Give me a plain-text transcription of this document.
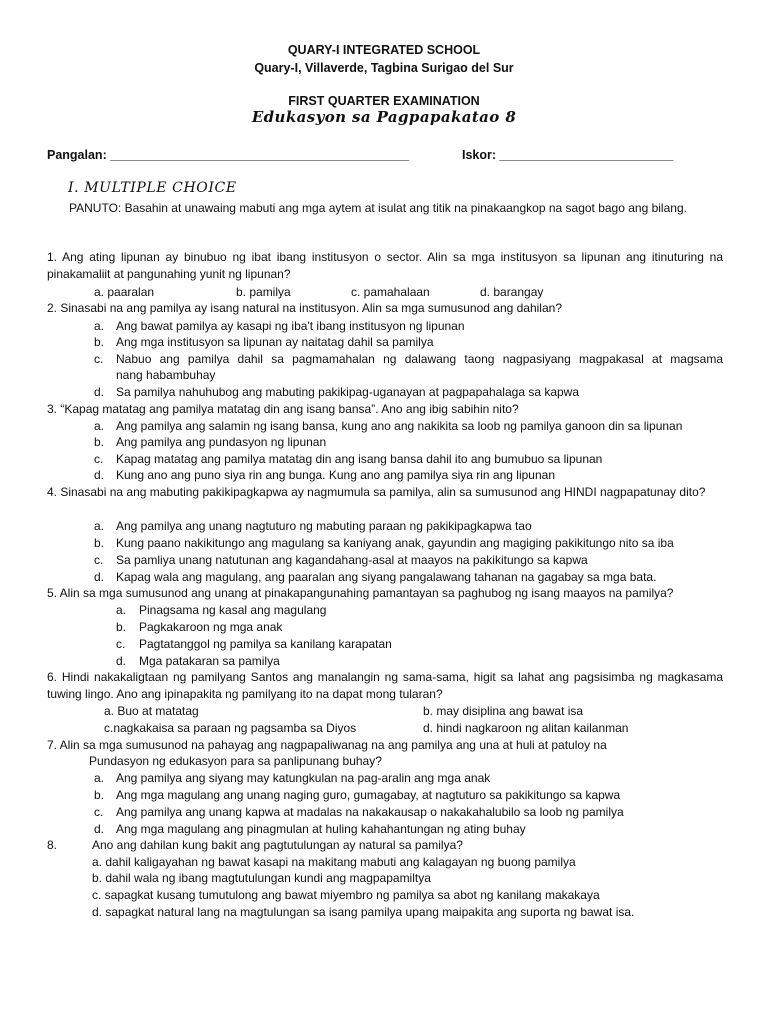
QUARY-I INTEGRATED SCHOOL
Quary-I, Villaverde, Tagbina Surigao del Sur
FIRST QUARTER EXAMINATION
Edukasyon sa Pagpapakatao 8
Pangalan: ___________________________________________	Iskor: _________________________
I. MULTIPLE CHOICE
PANUTO: Basahin at unawaing mabuti ang mga aytem at isulat ang titik na pinakaangkop na sagot bago ang bilang.
1. Ang ating lipunan ay binubuo ng ibat ibang institusyon o sector. Alin sa mga institusyon sa lipunan ang itinuturing na pinakamaliit at pangunahing yunit ng lipunan?
a. paaralan	b. pamilya	c. pamahalaan	d. barangay
2. Sinasabi na ang pamilya ay isang natural na institusyon. Alin sa mga sumusunod ang dahilan?
a. Ang bawat pamilya ay kasapi ng iba't ibang institusyon ng lipunan
b. Ang mga institusyon sa lipunan ay naitatag dahil sa pamilya
c. Nabuo ang pamilya dahil sa pagmamahalan ng dalawang taong nagpasiyang magpakasal at magsama
nang habambuhay
d. Sa pamilya nahuhubog ang mabuting pakikipag-uganayan at pagpapahalaga sa kapwa
3. “Kapag matatag ang pamilya matatag din ang isang bansa”. Ano ang ibig sabihin nito?
a. Ang pamilya ang salamin ng isang bansa, kung ano ang nakikita sa loob ng pamilya ganoon din sa lipunan
b. Ang pamilya ang pundasyon ng lipunan
c. Kapag matatag ang pamilya matatag din ang isang bansa dahil ito ang bumubuo sa lipunan
d. Kung ano ang puno siya rin ang bunga. Kung ano ang pamilya siya rin ang lipunan
4. Sinasabi na ang mabuting pakikipagkapwa ay nagmumula sa pamilya, alin sa sumusunod ang HINDI nagpapatunay dito?
a. Ang pamilya ang unang nagtuturo ng mabuting paraan ng pakikipagkapwa tao
b. Kung paano nakikitungo ang magulang sa kaniyang anak, gayundin ang magiging pakikitungo nito sa iba
c. Sa pamliya unang natutunan ang kagandahang-asal at maayos na pakikitungo sa kapwa
d. Kapag wala ang magulang, ang paaralan ang siyang pangalawang tahanan na gagabay sa mga bata.
5. Alin sa mga sumusunod ang unang at pinakapangunahing pamantayan sa paghubog ng isang maayos na pamilya?
a. Pinagsama ng kasal ang magulang
b. Pagkakaroon ng mga anak
c. Pagtatanggol ng pamilya sa kanilang karapatan
d. Mga patakaran sa pamilya
6. Hindi nakakaligtaan ng pamilyang Santos ang manalangin ng sama-sama, higit sa lahat ang pagsisimba ng magkasama tuwing lingo. Ano ang ipinapakita ng pamilyang ito na dapat mong tularan?
a. Buo at matatag	b. may disiplina ang bawat isa
c.nagkakaisa sa paraan ng pagsamba sa Diyos	d. hindi nagkaroon ng alitan kailanman
7. Alin sa mga sumusunod na pahayag ang nagpapaliwanag na ang pamilya ang una at huli at patuloy na
Pundasyon ng edukasyon para sa panlipunang buhay?
a. Ang pamilya ang siyang may katungkulan na pag-aralin ang mga anak
b. Ang mga magulang ang unang naging guro, gumagabay, at nagtuturo sa pakikitungo sa kapwa
c. Ang pamilya ang unang kapwa at madalas na nakakausap o nakakahalubilo sa loob ng pamilya
d. Ang mga magulang ang pinagmulan at huling kahahantungan ng ating buhay
8.	Ano ang dahilan kung bakit ang pagtutulungan ay natural sa pamilya?
a. dahil kaligayahan ng bawat kasapi na makitang mabuti ang kalagayan ng buong pamilya
b. dahil wala ng ibang magtutulungan kundi ang magpapamiltya
c. sapagkat kusang tumutulong ang bawat miyembro ng pamilya sa abot ng kanilang makakaya
d. sapagkat natural lang na magtulungan sa isang pamilya upang maipakita ang suporta ng bawat isa.
